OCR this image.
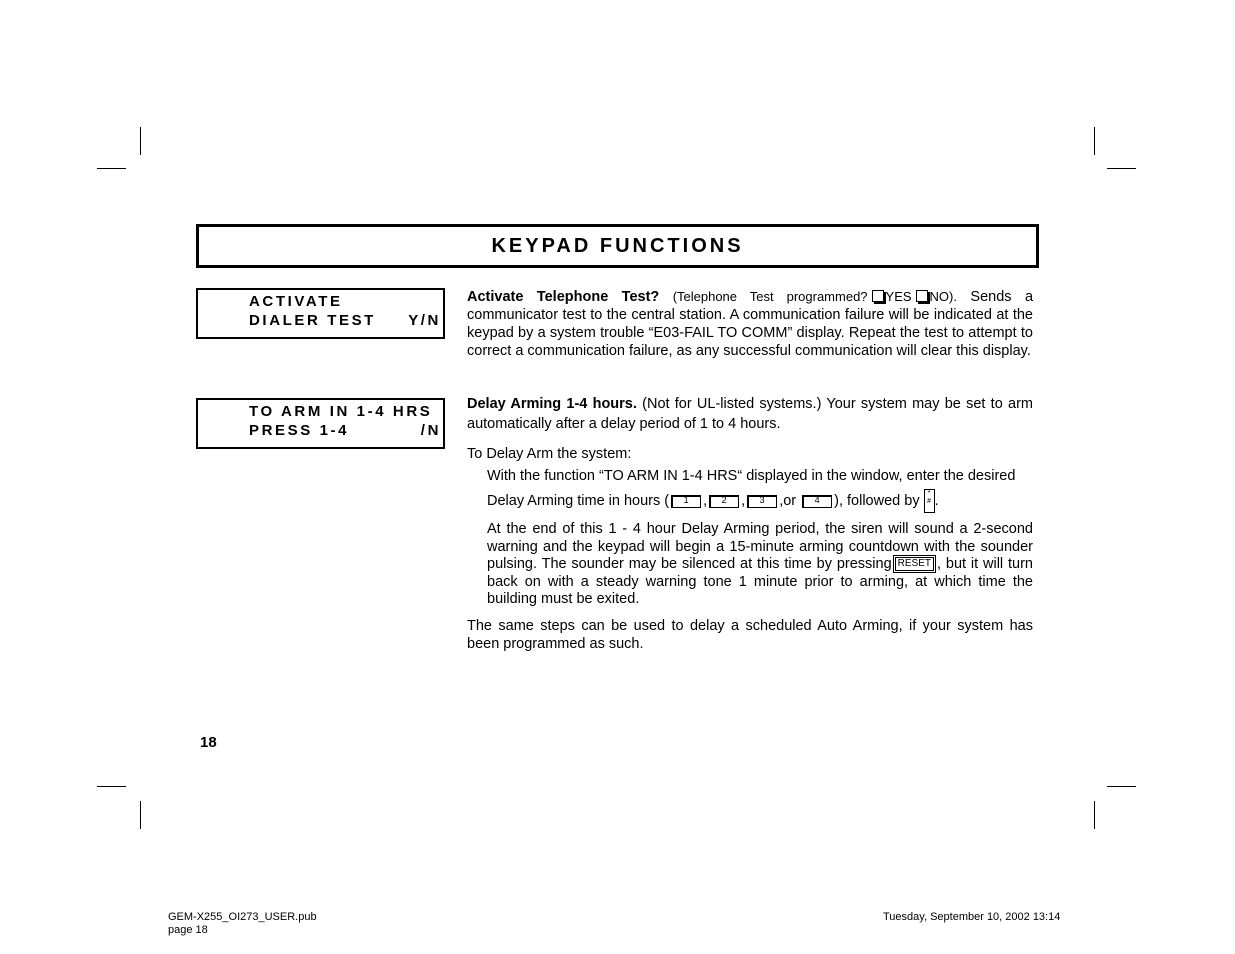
KEYPAD FUNCTIONS
ACTIVATE
DIALER TEST Y/N
TO ARM IN 1-4 HRS
PRESS 1-4	/N
Activate Telephone Test? (Telephone Test programmed? YES NO). Sends a communicator test to the central station. A communication failure will be indicated at the keypad by a system trouble “E03-FAIL TO COMM” display. Repeat the test to attempt to correct a communication failure, as any successful communication will clear this display.
Delay Arming 1-4 hours. (Not for UL-listed systems.) Your system may be set to arm automatically after a delay period of 1 to 4 hours.
To Delay Arm the system:
With the function “TO ARM IN 1-4 HRS“ displayed in the window, enter the desired
Delay Arming time in hours ( 1 , 2 , 3 ,or 4 ), followed by *
# .
At the end of this 1 - 4 hour Delay Arming period, the siren will sound a 2-second warning and the keypad will begin a 15-minute arming countdown with the sounder pulsing. The sounder may be silenced at this time by pressing RESET , but it will turn back on with a steady warning tone 1 minute prior to arming, at which time the building must be exited.
The same steps can be used to delay a scheduled Auto Arming, if your system has been programmed as such.
18
GEM-X255_OI273_USER.pub
page 18
Tuesday, September 10, 2002 13:14
